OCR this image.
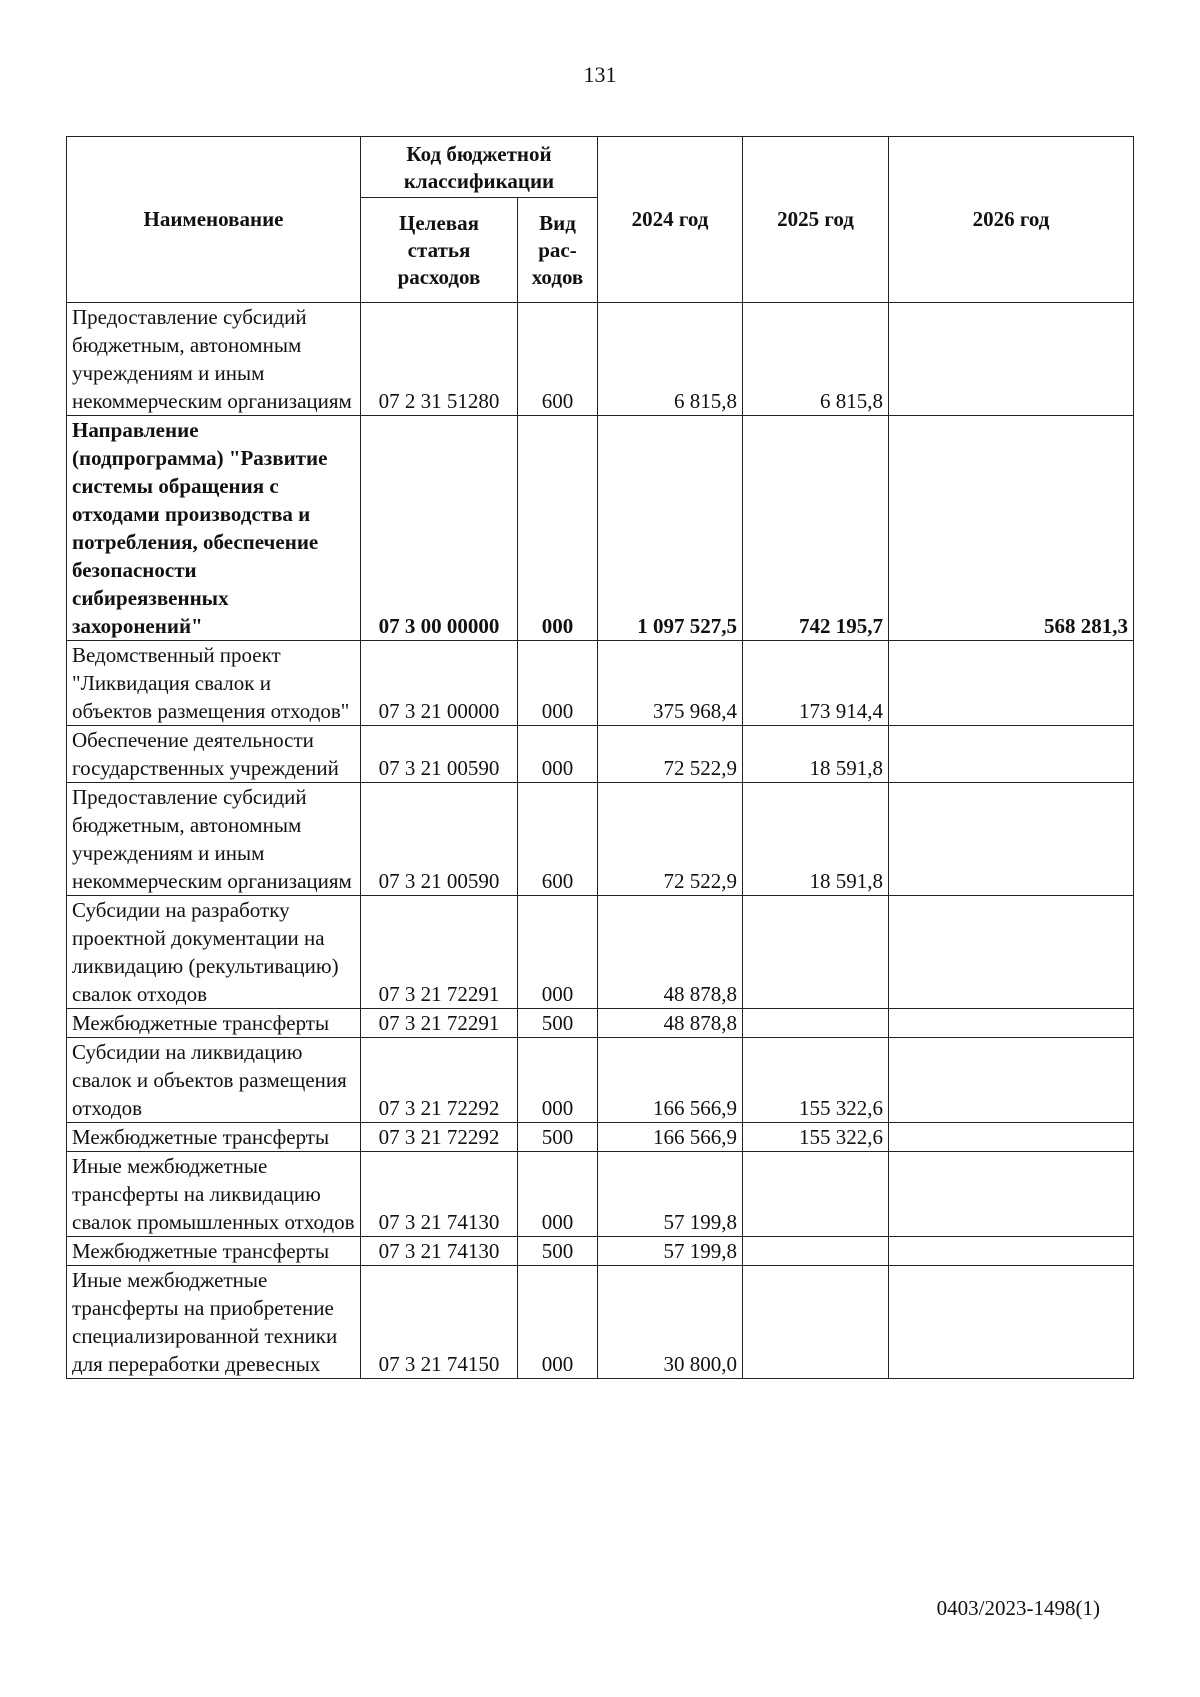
131
Наименование	Код бюджетной классификации		2024 год	2025 год	2026 год
	Целевая статья расходов	Вид рас-ходов			
Предоставление субсидий бюджетным, автономным учреждениям и иным некоммерческим организациям	07 2 31 51280	600	6 815,8	6 815,8	
Направление (подпрограмма) "Развитие системы обращения с отходами производства и потребления, обеспечение безопасности сибиреязвенных захоронений"	07 3 00 00000	000	1 097 527,5	742 195,7	568 281,3
Ведомственный проект "Ликвидация свалок и объектов размещения отходов"	07 3 21 00000	000	375 968,4	173 914,4	
Обеспечение деятельности государственных учреждений	07 3 21 00590	000	72 522,9	18 591,8	
Предоставление субсидий бюджетным, автономным учреждениям и иным некоммерческим организациям	07 3 21 00590	600	72 522,9	18 591,8	
Субсидии на разработку проектной документации на ликвидацию (рекультивацию) свалок отходов	07 3 21 72291	000	48 878,8		
Межбюджетные трансферты	07 3 21 72291	500	48 878,8		
Субсидии на ликвидацию свалок и объектов размещения отходов	07 3 21 72292	000	166 566,9	155 322,6	
Межбюджетные трансферты	07 3 21 72292	500	166 566,9	155 322,6	
Иные межбюджетные трансферты на ликвидацию свалок промышленных отходов	07 3 21 74130	000	57 199,8		
Межбюджетные трансферты	07 3 21 74130	500	57 199,8		
Иные межбюджетные трансферты на приобретение специализированной техники для переработки древесных	07 3 21 74150	000	30 800,0		
0403/2023-1498(1)
